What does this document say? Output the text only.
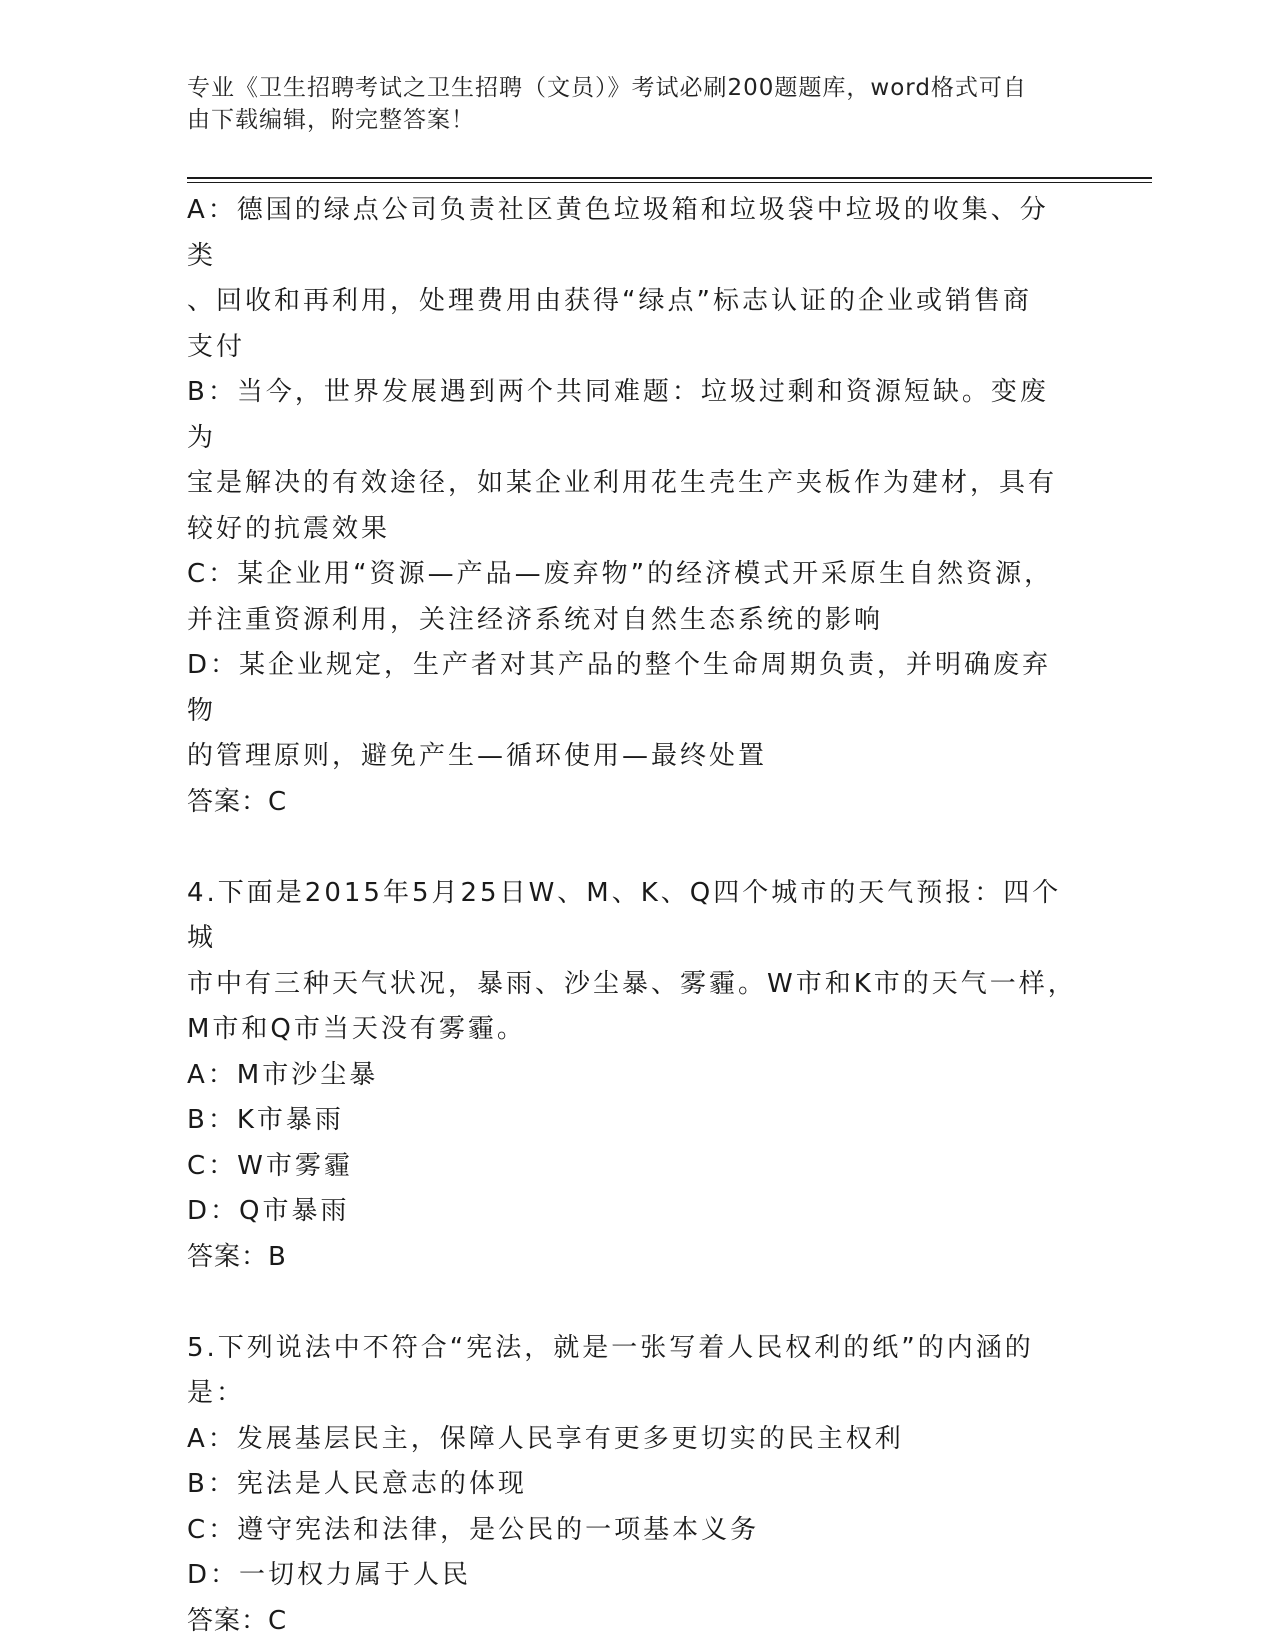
专业《卫生招聘考试之卫生招聘（文员）》考试必刷200题题库，word格式可自
由下载编辑，附完整答案！

A：德国的绿点公司负责社区黄色垃圾箱和垃圾袋中垃圾的收集、分类

、回收和再利用，处理费用由获得“绿点”标志认证的企业或销售商

支付

B：当今，世界发展遇到两个共同难题：垃圾过剩和资源短缺。变废为

宝是解决的有效途径，如某企业利用花生壳生产夹板作为建材，具有

较好的抗震效果

C：某企业用“资源—产品—废弃物”的经济模式开采原生自然资源，

并注重资源利用，关注经济系统对自然生态系统的影响

D：某企业规定，生产者对其产品的整个生命周期负责，并明确废弃物

的管理原则，避免产生—循环使用—最终处置

答案：C

4.下面是2015年5月25日W、M、K、Q四个城市的天气预报：四个城

市中有三种天气状况，暴雨、沙尘暴、雾霾。W市和K市的天气一样，

M市和Q市当天没有雾霾。

A：M市沙尘暴

B：K市暴雨

C：W市雾霾

D：Q市暴雨

答案：B

5.下列说法中不符合“宪法，就是一张写着人民权利的纸”的内涵的

是：

A：发展基层民主，保障人民享有更多更切实的民主权利

B：宪法是人民意志的体现

C：遵守宪法和法律，是公民的一项基本义务

D：一切权力属于人民

答案：C
